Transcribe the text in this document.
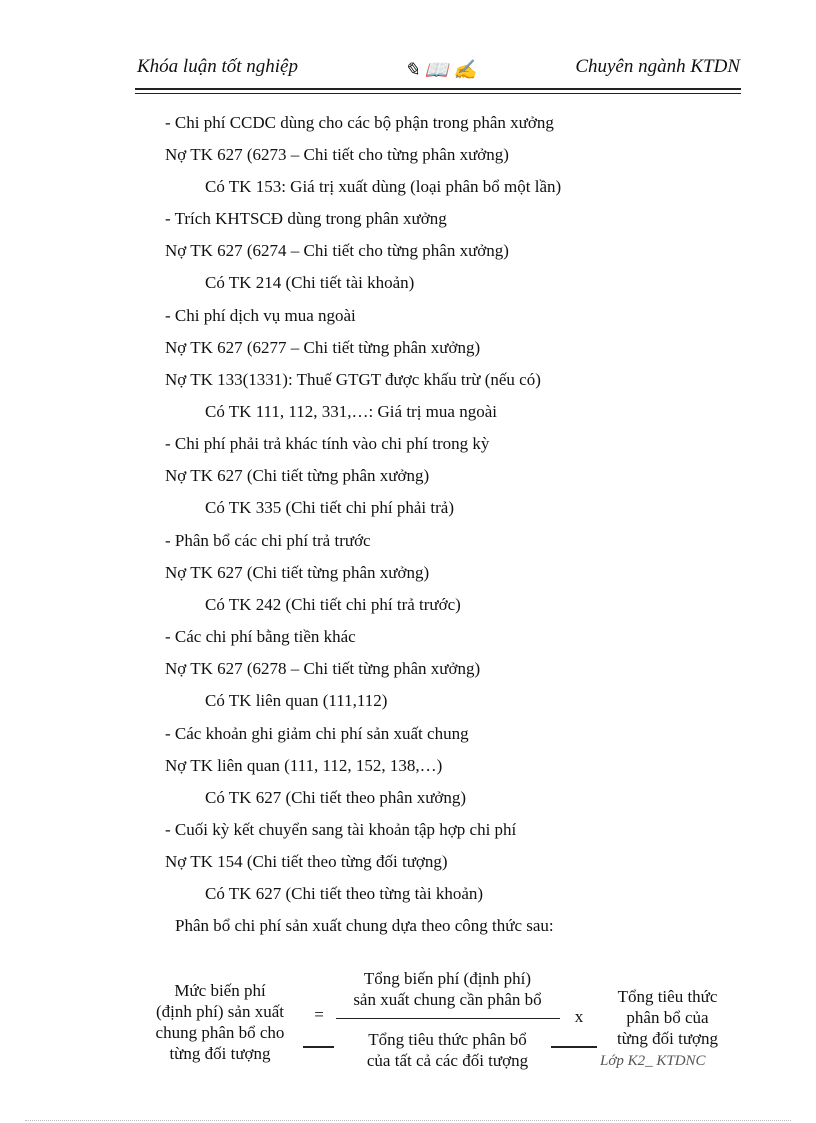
Khóa luận tốt nghiệp	✎ 📖 ✍	Chuyên ngành KTDN
- Chi phí CCDC dùng cho các bộ phận trong phân xưởng
Nợ TK 627 (6273 – Chi tiết cho từng phân xưởng)
Có TK 153: Giá trị xuất dùng (loại phân bổ một lần)
- Trích KHTSCĐ dùng trong phân xưởng
Nợ TK 627 (6274 – Chi tiết cho từng phân xưởng)
Có TK 214 (Chi tiết tài khoản)
- Chi phí dịch vụ mua ngoài
Nợ TK 627 (6277 – Chi tiết từng phân xưởng)
Nợ TK 133(1331): Thuế GTGT được khấu trừ (nếu có)
Có TK 111, 112, 331,…: Giá trị mua ngoài
- Chi phí phải trả khác tính vào chi phí trong kỳ
Nợ TK 627 (Chi tiết từng phân xưởng)
Có TK 335 (Chi tiết chi phí phải trả)
- Phân bổ các chi phí trả trước
Nợ TK 627 (Chi tiết từng phân xưởng)
Có TK 242 (Chi tiết chi phí trả trước)
- Các chi phí bằng tiền khác
Nợ TK 627 (6278 – Chi tiết từng phân xưởng)
Có TK liên quan (111,112)
- Các khoản ghi giảm chi phí sản xuất chung
Nợ TK liên quan (111, 112, 152, 138,…)
Có TK 627 (Chi tiết theo phân xưởng)
- Cuối kỳ kết chuyển sang tài khoản tập hợp chi phí
Nợ TK 154 (Chi tiết theo từng đối tượng)
Có TK 627 (Chi tiết theo từng tài khoản)
Phân bổ chi phí sản xuất chung dựa theo công thức sau:
Mức biến phí
(định phí) sản xuất
chung phân bổ cho
từng đối tượng
=
Tổng biến phí (định phí)
sản xuất chung cần phân bổ
Tổng tiêu thức phân bổ
của tất cả các đối tượng
x
Tổng tiêu thức
phân bổ của
từng đối tượng
Lớp K2_ KTDNC
